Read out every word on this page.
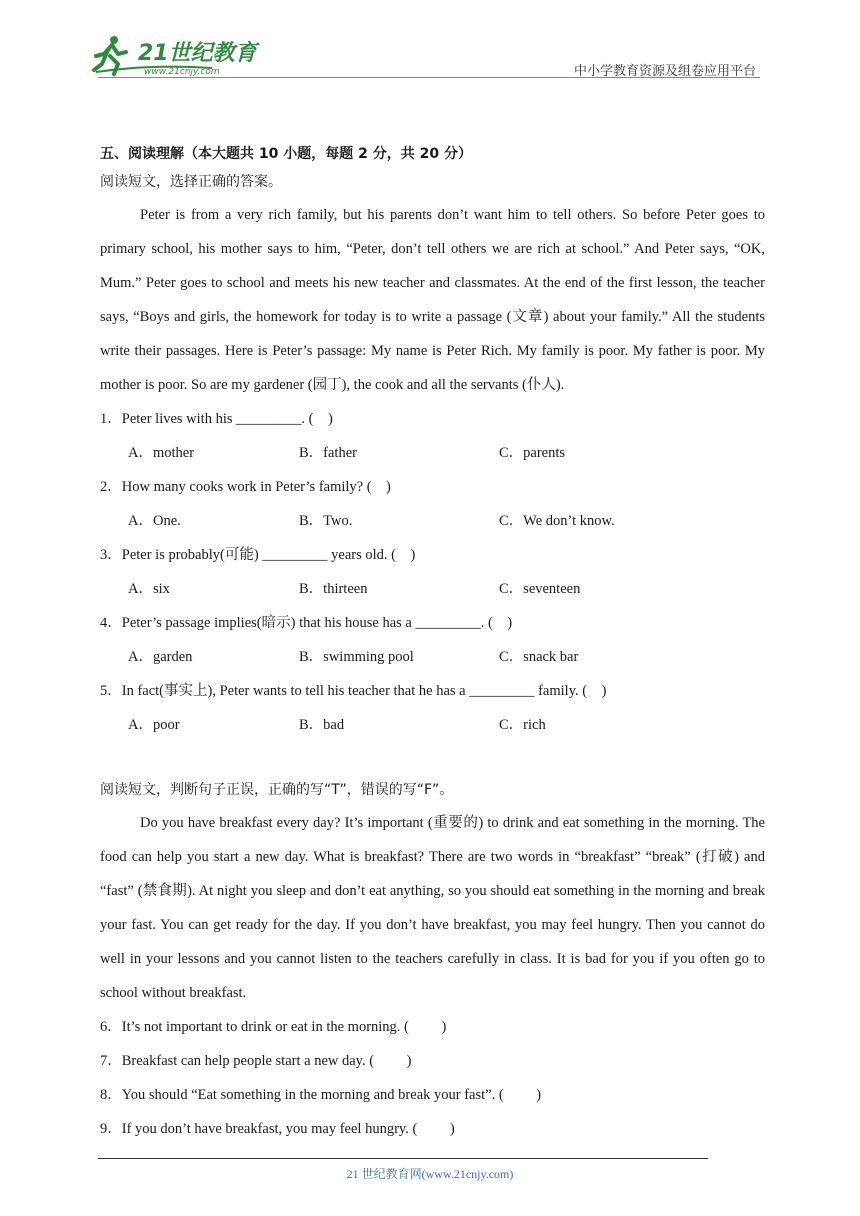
21世纪教育
www.21cnjy.com	中小学教育资源及组卷应用平台
五、阅读理解（本大题共 10 小题，每题 2 分，共 20 分）
阅读短文，选择正确的答案。

Peter is from a very rich family, but his parents don’t want him to tell others. So before Peter goes to primary school, his mother says to him, “Peter, don’t tell others we are rich at school.” And Peter says, “OK, Mum.” Peter goes to school and meets his new teacher and classmates. At the end of the first lesson, the teacher says, “Boys and girls, the homework for today is to write a passage (文章) about your family.” All the students write their passages. Here is Peter’s passage: My name is Peter Rich. My family is poor. My father is poor. My mother is poor. So are my gardener (园丁), the cook and all the servants (仆人).

1．Peter lives with his _________. (    )
A．mother	B．father	C．parents
2．How many cooks work in Peter’s family? (    )
A．One.	B．Two.	C．We don’t know.
3．Peter is probably(可能) _________ years old. (    )
A．six	B．thirteen	C．seventeen
4．Peter’s passage implies(暗示) that his house has a _________. (    )
A．garden	B．swimming pool	C．snack bar
5．In fact(事实上), Peter wants to tell his teacher that he has a _________ family. (    )
A．poor	B．bad	C．rich
阅读短文，判断句子正误，正确的写“T”，错误的写“F”。

Do you have breakfast every day? It’s important (重要的) to drink and eat something in the morning. The food can help you start a new day. What is breakfast? There are two words in “breakfast” “break” (打破) and “fast” (禁食期). At night you sleep and don’t eat anything, so you should eat something in the morning and break your fast. You can get ready for the day. If you don’t have breakfast, you may feel hungry. Then you cannot do well in your lessons and you cannot listen to the teachers carefully in class. It is bad for you if you often go to school without breakfast.

6．It’s not important to drink or eat in the morning. (         )
7．Breakfast can help people start a new day. (         )
8．You should “Eat something in the morning and break your fast”. (         )
9．If you don’t have breakfast, you may feel hungry. (         )
21 世纪教育网(www.21cnjy.com)
